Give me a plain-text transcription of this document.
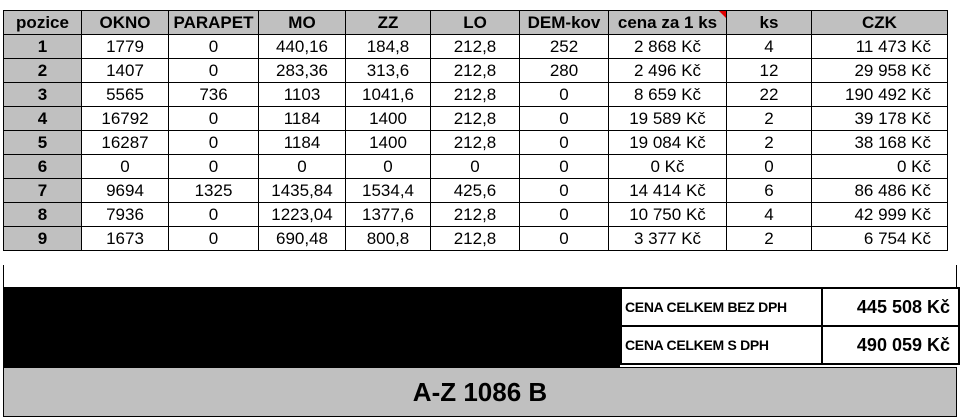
pozice	OKNO	PARAPET	MO	ZZ	LO	DEM-kov	cena za 1 ks	ks	CZK
1	1779	0	440,16	184,8	212,8	252	2 868 Kč	4	11 473 Kč
2	1407	0	283,36	313,6	212,8	280	2 496 Kč	12	29 958 Kč
3	5565	736	1103	1041,6	212,8	0	8 659 Kč	22	190 492 Kč
4	16792	0	1184	1400	212,8	0	19 589 Kč	2	39 178 Kč
5	16287	0	1184	1400	212,8	0	19 084 Kč	2	38 168 Kč
6	0	0	0	0	0	0	0 Kč	0	0 Kč
7	9694	1325	1435,84	1534,4	425,6	0	14 414 Kč	6	86 486 Kč
8	7936	0	1223,04	1377,6	212,8	0	10 750 Kč	4	42 999 Kč
9	1673	0	690,48	800,8	212,8	0	3 377 Kč	2	6 754 Kč
CENA CELKEM BEZ DPH	445 508 Kč
CENA CELKEM S DPH	490 059 Kč
A-Z 1086 B
